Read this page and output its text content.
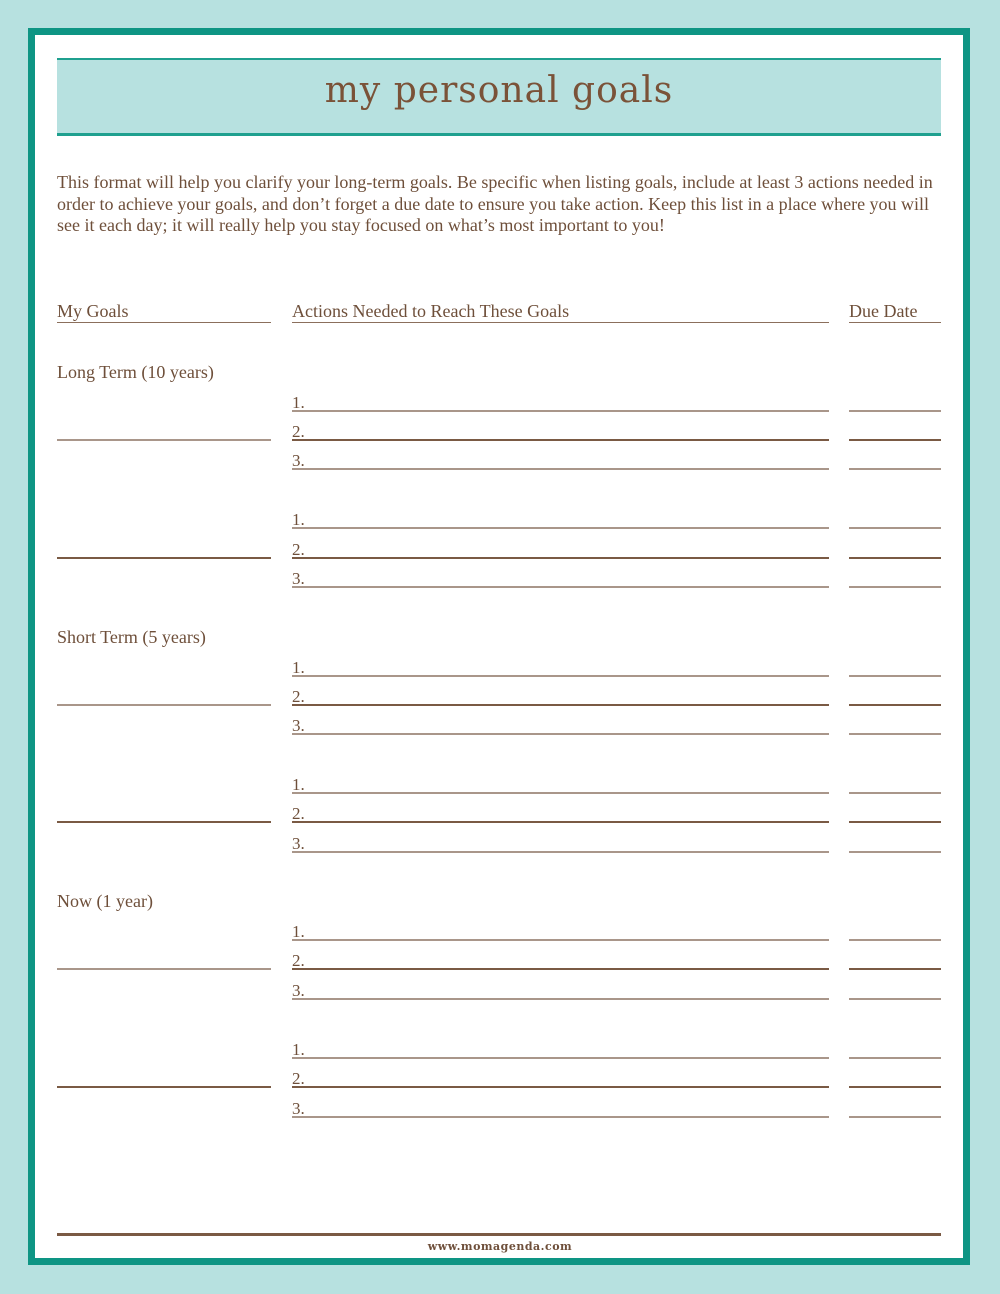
my personal goals
This format will help you clarify your long-term goals. Be specific when listing goals, include at least 3 actions needed in order to achieve your goals, and don’t forget a due date to ensure you take action. Keep this list in a place where you will see it each day; it will really help you stay focused on what’s most important to you!
My Goals	Actions Needed to Reach These Goals	Due Date
Long Term (10 years)
1.
2.
3.
1.
2.
3.
Short Term (5 years)
1.
2.
3.
1.
2.
3.
Now (1 year)
1.
2.
3.
1.
2.
3.
www.momagenda.com
